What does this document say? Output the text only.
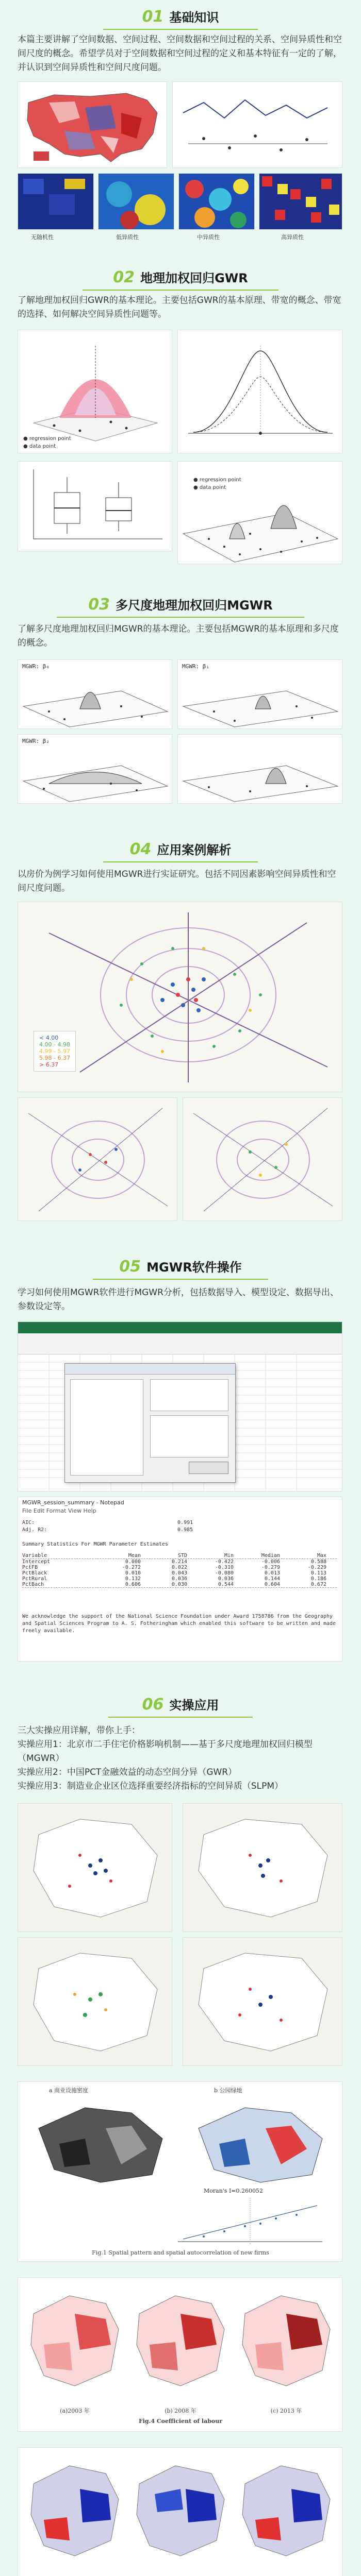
01 基础知识
本篇主要讲解了空间数据、空间过程、空间数据和空间过程的关系、空间异质性和空间尺度的概念。希望学员对于空间数据和空间过程的定义和基本特征有一定的了解，并认识到空间异质性和空间尺度问题。
无随机性	低异质性	中异质性	高异质性
02 地理加权回归GWR
了解地理加权回归GWR的基本理论。主要包括GWR的基本原理、带宽的概念、带宽的选择、如何解决空间异质性问题等。
● regression point
● data point
● regression point
● data point
03 多尺度地理加权回归MGWR
了解多尺度地理加权回归MGWR的基本理论。主要包括MGWR的基本原理和多尺度的概念。
MGWR: β₀	MGWR: β₁
MGWR: β₂
04 应用案例解析
以房价为例学习如何使用MGWR进行实证研究。包括不同因素影响空间异质性和空间尺度问题。
< 4.00
4.00 - 4.98
4.99 - 5.97
5.98 - 6.37
> 6.37
05 MGWR软件操作
学习如何使用MGWR软件进行MGWR分析，包括数据导入、模型设定、数据导出、参数设定等。
MGWR_session_summary - Notepad
File Edit Format View Help
AIC:                                              0.991
Adj. R2:                                          0.985
Summary Statistics For MGWR Parameter Estimates
Variable	Mean	STD	Min	Median	Max
Intercept	0.000	0.214	-0.422	-0.006	0.588
PctFB	-0.272	0.022	-0.310	-0.279	-0.229
PctBlack	0.010	0.043	-0.080	0.013	0.113
PctRural	0.132	0.036	0.036	0.144	0.186
PctBach	0.606	0.030	0.544	0.604	0.672
We acknowledge the support of the National Science Foundation under Award 1758786 from the Geography and Spatial Sciences Program to A. S. Fotheringham which enabled this software to be written and made freely available.
06 实操应用
三大实操应用详解，带你上手：
实操应用1：北京市二手住宅价格影响机制——基于多尺度地理加权回归模型（MGWR）
实操应用2：中国PCT金融效益的动态空间分异（GWR）
实操应用3：制造业企业区位选择重要经济指标的空间异质（SLPM）
a 商业设施密度	b 公园绿地
Moran's I=0.260052
Fig.1 Spatial pattern and spatial autocorrelation of new firms
(a)2003 年	(b) 2008 年	(c) 2013 年
Fig.4 Coefficient of labour
